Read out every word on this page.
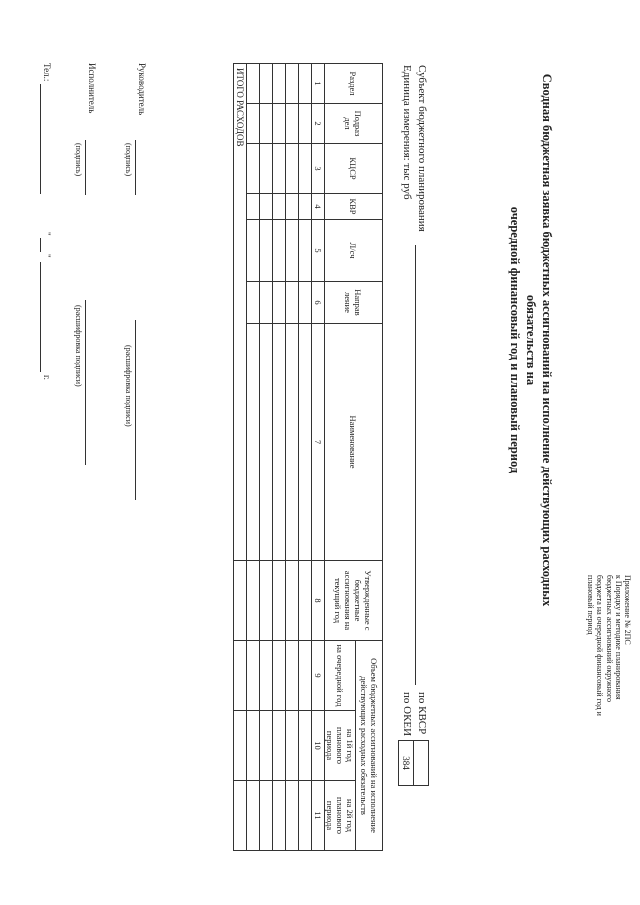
Приложение № 2ПС
к Порядку и методике планирования
бюджетных ассигнований окружного
бюджета на очередной финансовый год и
плановый период
Сводная бюджетная заявка бюджетных ассигнований на исполнение действующих расходных обязательств на
очередной финансовый год и плановый период
Субъект бюджетного планирования
по КВСР
Единица измерения: тыс руб
по ОКЕИ
384
Раздел	Подраз дел	КЦСР	КВР	Л/сч	Направ ление	Наименование	Утвержденные с бюджетные ассигнования на текущий год	Объем бюджетных ассигнований на исполнение действующих расходных обязательств		
								на очередной год	на 1й год планового периода	на 2й год планового периода
1	2	3	4	5	6	7	8	9	10	11

ИТОГО РАСХОДОВ										
Руководитель
(подпись)
(расшифровка подписи)
Исполнитель
(подпись)
(расшифровка подписи)
Тел.:
"
"
г.
